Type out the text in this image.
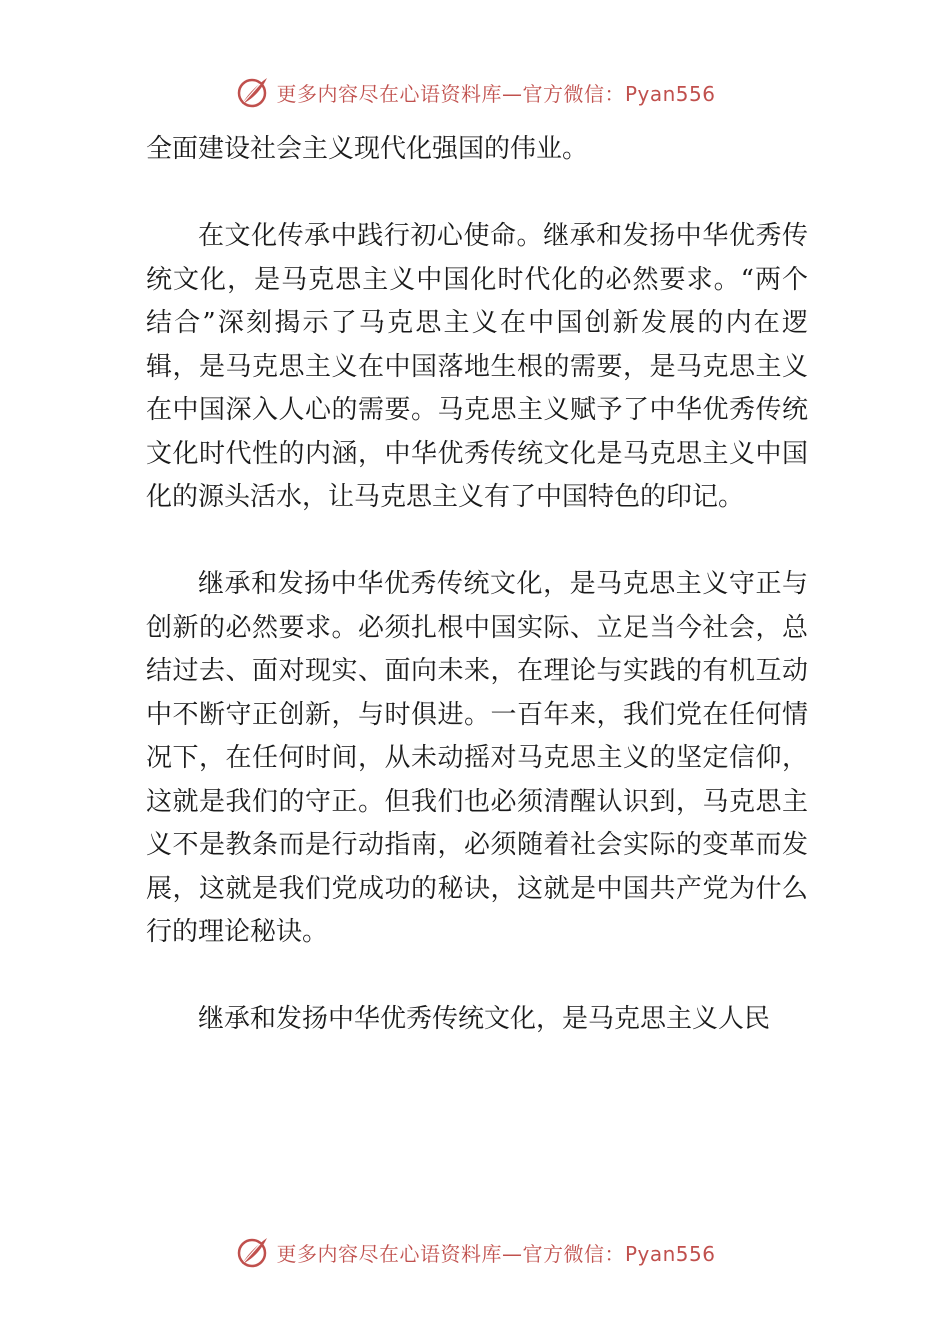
更多内容尽在心语资料库—官方微信：Pyan556

全面建设社会主义现代化强国的伟业。

在文化传承中践行初心使命。继承和发扬中华优秀传统文化，是马克思主义中国化时代化的必然要求。“两个结合”深刻揭示了马克思主义在中国创新发展的内在逻辑，是马克思主义在中国落地生根的需要，是马克思主义在中国深入人心的需要。马克思主义赋予了中华优秀传统文化时代性的内涵，中华优秀传统文化是马克思主义中国化的源头活水，让马克思主义有了中国特色的印记。

继承和发扬中华优秀传统文化，是马克思主义守正与创新的必然要求。必须扎根中国实际、立足当今社会，总结过去、面对现实、面向未来，在理论与实践的有机互动中不断守正创新，与时俱进。一百年来，我们党在任何情况下，在任何时间，从未动摇对马克思主义的坚定信仰，这就是我们的守正。但我们也必须清醒认识到，马克思主义不是教条而是行动指南，必须随着社会实际的变革而发展，这就是我们党成功的秘诀，这就是中国共产党为什么行的理论秘诀。

继承和发扬中华优秀传统文化，是马克思主义人民

更多内容尽在心语资料库—官方微信：Pyan556
